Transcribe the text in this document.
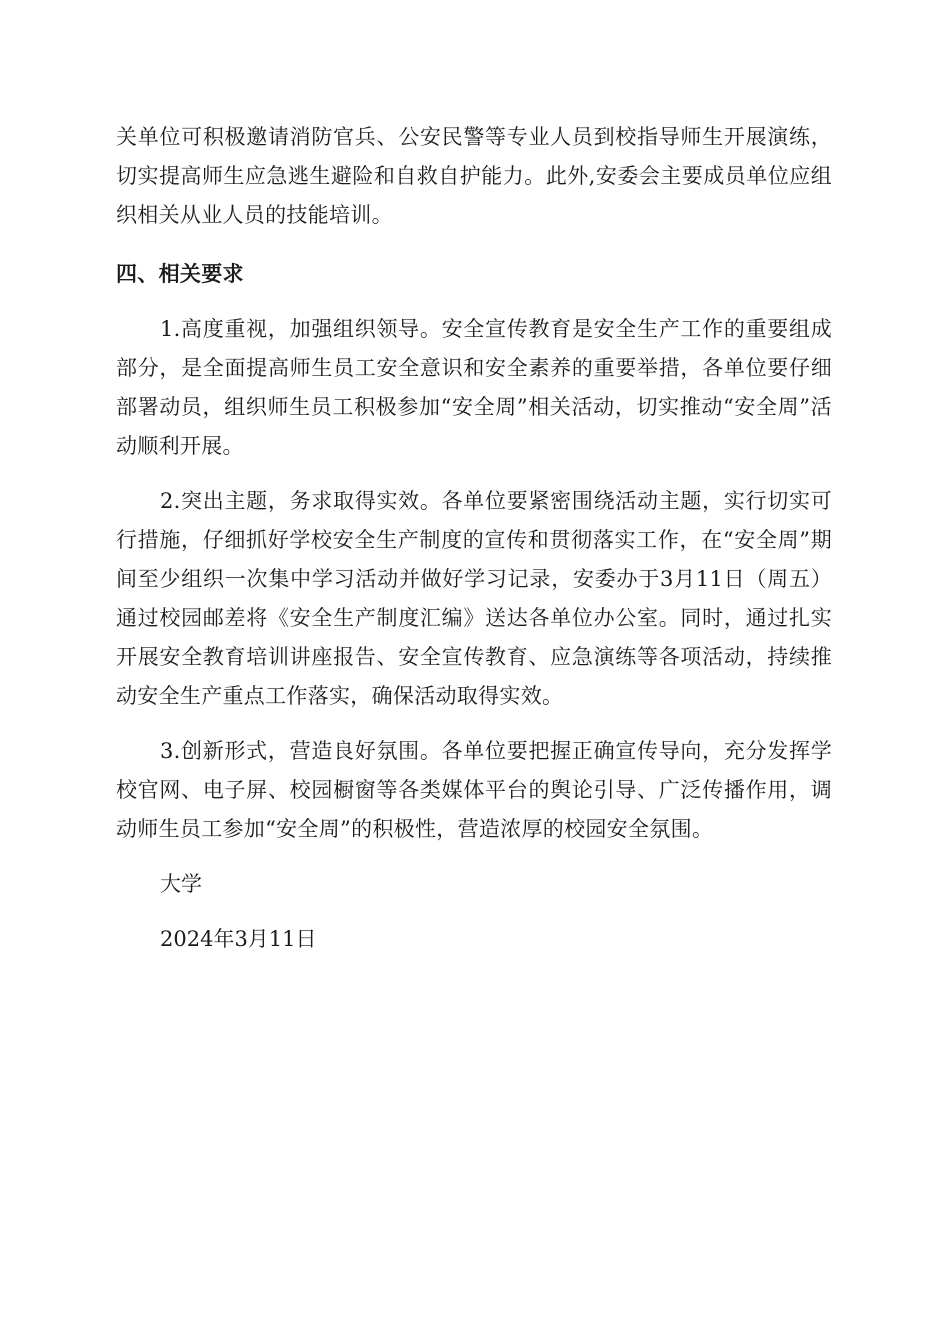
关单位可积极邀请消防官兵、公安民警等专业人员到校指导师生开展演练，切实提高师生应急逃生避险和自救自护能力。此外,安委会主要成员单位应组织相关从业人员的技能培训。

四、相关要求

1.高度重视，加强组织领导。安全宣传教育是安全生产工作的重要组成部分，是全面提高师生员工安全意识和安全素养的重要举措，各单位要仔细部署动员，组织师生员工积极参加“安全周”相关活动，切实推动“安全周”活动顺利开展。

2.突出主题，务求取得实效。各单位要紧密围绕活动主题，实行切实可行措施，仔细抓好学校安全生产制度的宣传和贯彻落实工作，在“安全周”期间至少组织一次集中学习活动并做好学习记录，安委办于3月11日（周五）通过校园邮差将《安全生产制度汇编》送达各单位办公室。同时，通过扎实开展安全教育培训讲座报告、安全宣传教育、应急演练等各项活动，持续推动安全生产重点工作落实，确保活动取得实效。

3.创新形式，营造良好氛围。各单位要把握正确宣传导向，充分发挥学校官网、电子屏、校园橱窗等各类媒体平台的舆论引导、广泛传播作用，调动师生员工参加“安全周”的积极性，营造浓厚的校园安全氛围。

大学

2024年3月11日
